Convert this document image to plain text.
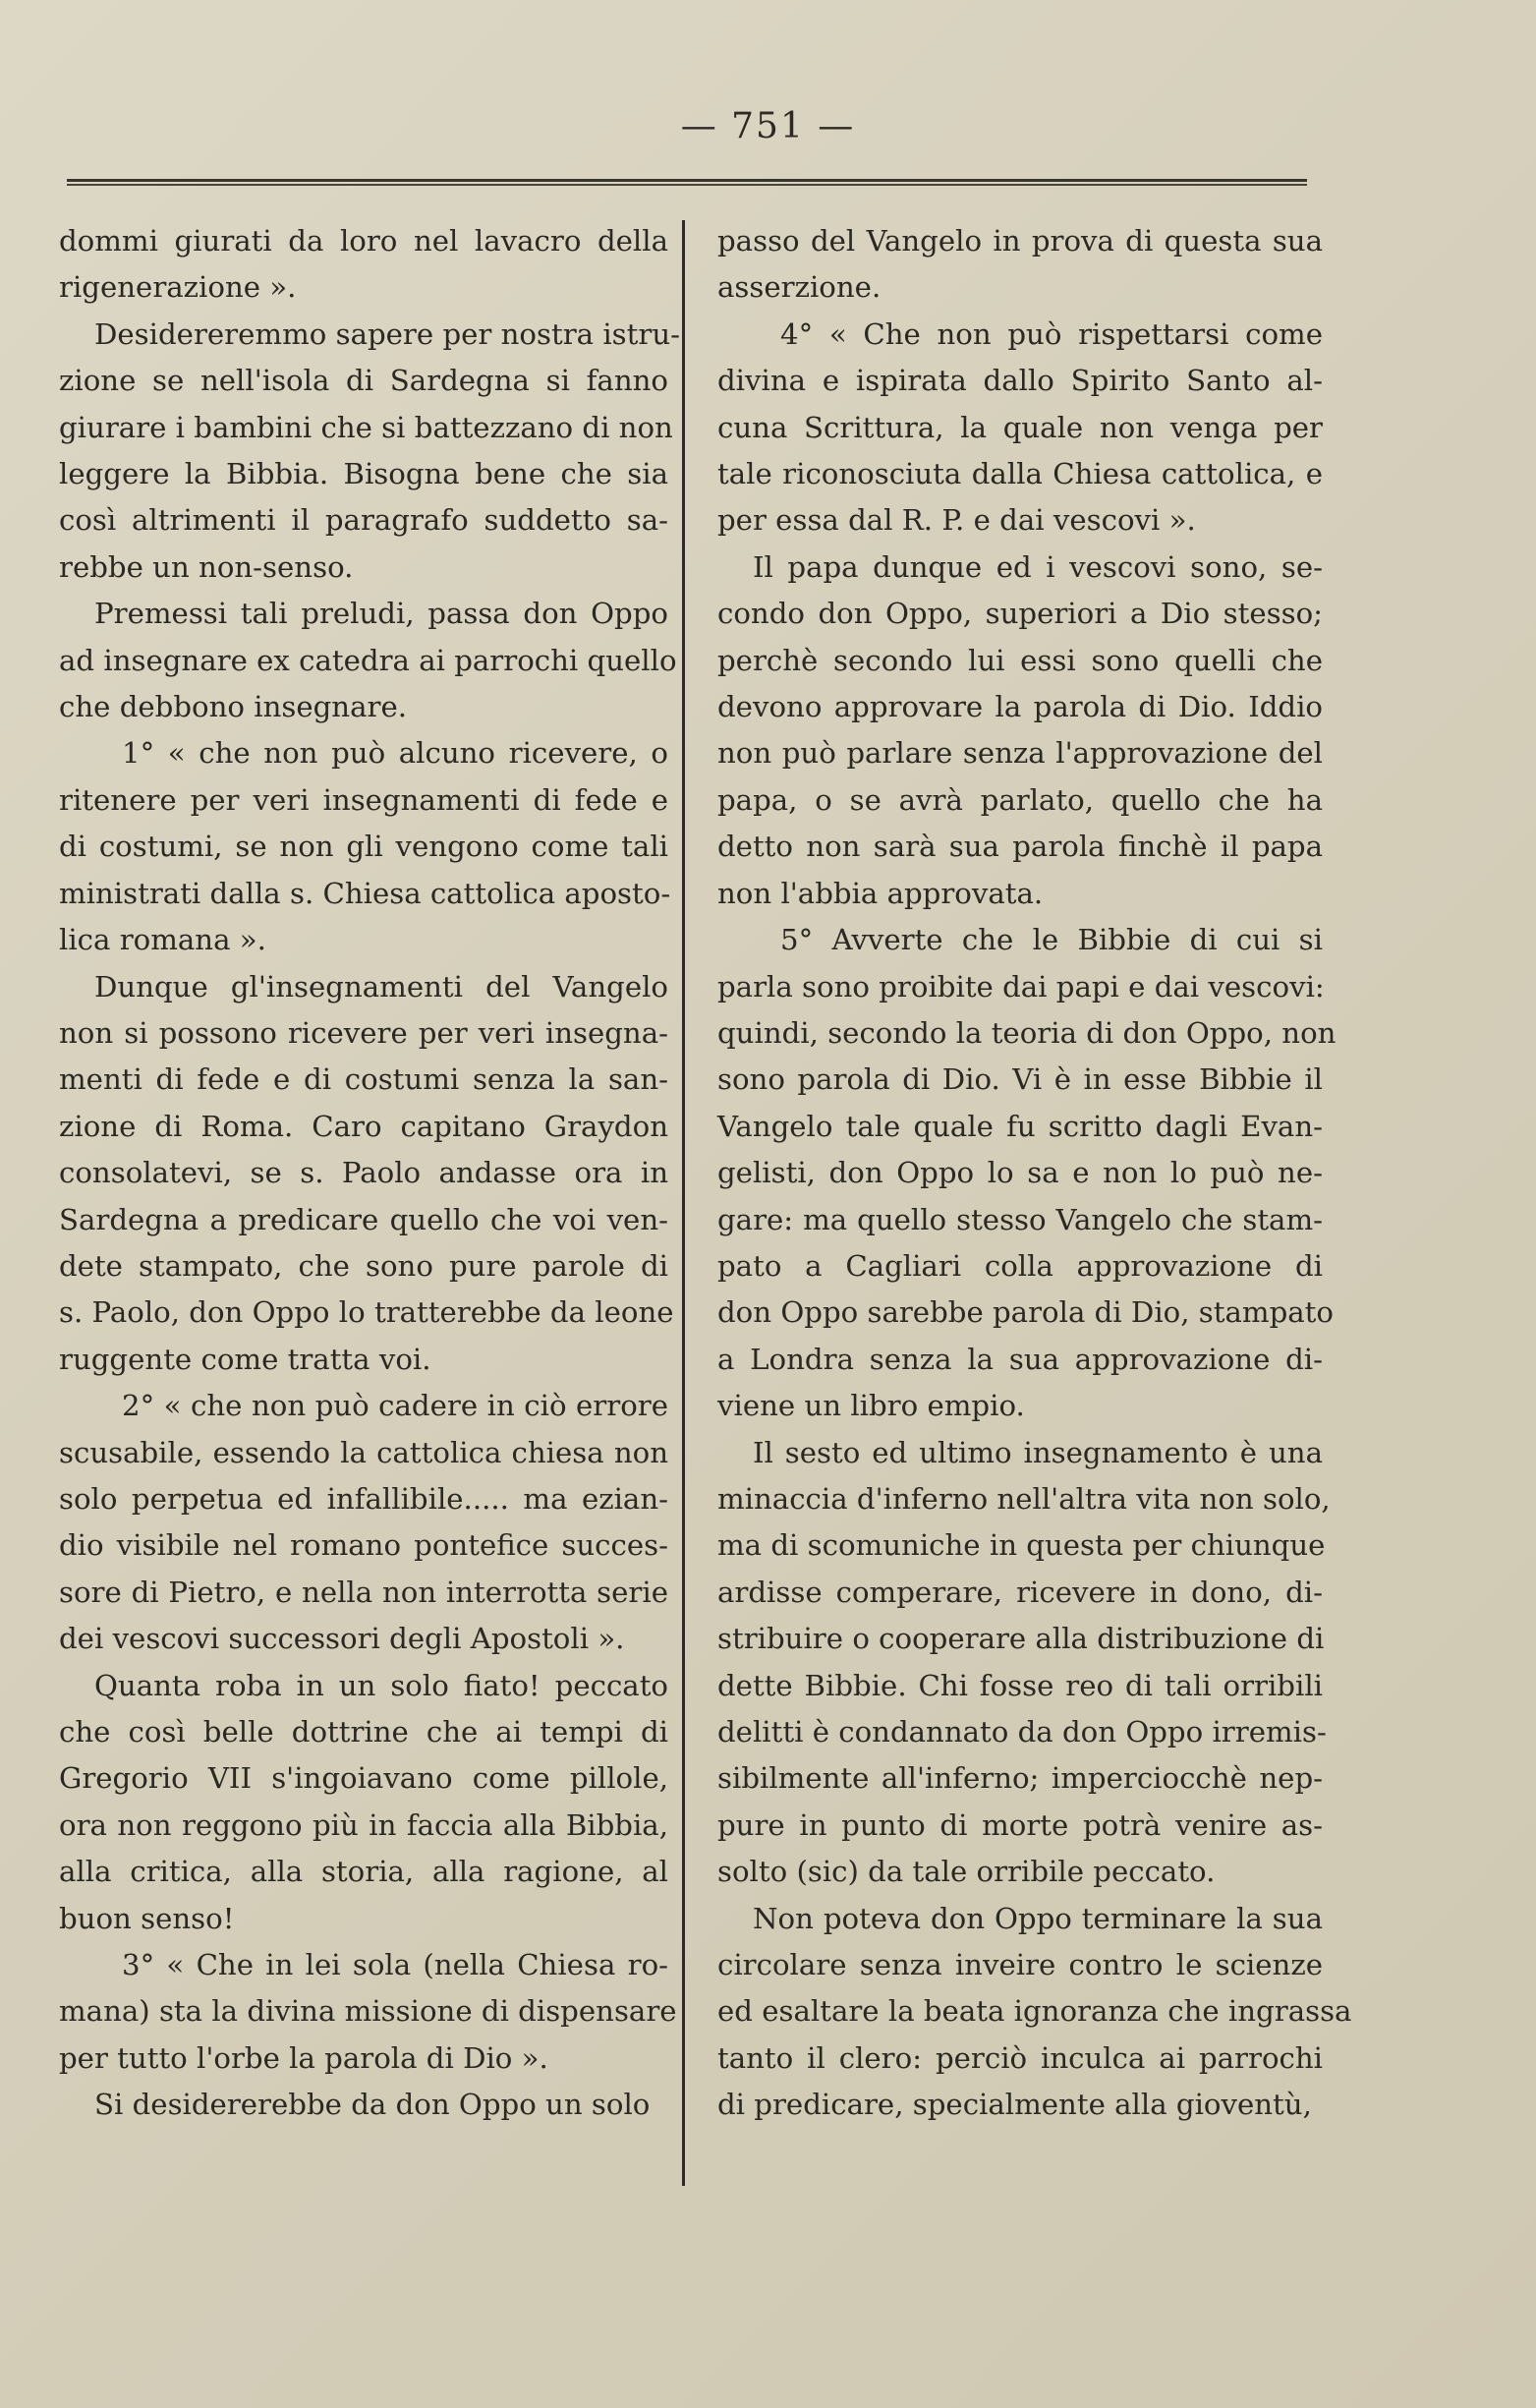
— 751 —

dommi giurati da loro nel lavacro della
rigenerazione ».

Desidereremmo sapere per nostra istru-
zione se nell'isola di Sardegna si fanno
giurare i bambini che si battezzano di non
leggere la Bibbia. Bisogna bene che sia
così altrimenti il paragrafo suddetto sa-
rebbe un non-senso.

Premessi tali preludi, passa don Oppo
ad insegnare ex catedra ai parrochi quello
che debbono insegnare.

1° « che non può alcuno ricevere, o
ritenere per veri insegnamenti di fede e
di costumi, se non gli vengono come tali
ministrati dalla s. Chiesa cattolica aposto-
lica romana ».

Dunque gl'insegnamenti del Vangelo
non si possono ricevere per veri insegna-
menti di fede e di costumi senza la san-
zione di Roma. Caro capitano Graydon
consolatevi, se s. Paolo andasse ora in
Sardegna a predicare quello che voi ven-
dete stampato, che sono pure parole di
s. Paolo, don Oppo lo tratterebbe da leone
ruggente come tratta voi.

2° « che non può cadere in ciò errore
scusabile, essendo la cattolica chiesa non
solo perpetua ed infallibile..... ma ezian-
dio visibile nel romano pontefice succes-
sore di Pietro, e nella non interrotta serie
dei vescovi successori degli Apostoli ».

Quanta roba in un solo fiato! peccato
che così belle dottrine che ai tempi di
Gregorio VII s'ingoiavano come pillole,
ora non reggono più in faccia alla Bibbia,
alla critica, alla storia, alla ragione, al
buon senso!

3° « Che in lei sola (nella Chiesa ro-
mana) sta la divina missione di dispensare
per tutto l'orbe la parola di Dio ».

Si desidererebbe da don Oppo un solo

passo del Vangelo in prova di questa sua
asserzione.

4° « Che non può rispettarsi come
divina e ispirata dallo Spirito Santo al-
cuna Scrittura, la quale non venga per
tale riconosciuta dalla Chiesa cattolica, e
per essa dal R. P. e dai vescovi ».

Il papa dunque ed i vescovi sono, se-
condo don Oppo, superiori a Dio stesso;
perchè secondo lui essi sono quelli che
devono approvare la parola di Dio. Iddio
non può parlare senza l'approvazione del
papa, o se avrà parlato, quello che ha
detto non sarà sua parola finchè il papa
non l'abbia approvata.

5° Avverte che le Bibbie di cui si
parla sono proibite dai papi e dai vescovi:
quindi, secondo la teoria di don Oppo, non
sono parola di Dio. Vi è in esse Bibbie il
Vangelo tale quale fu scritto dagli Evan-
gelisti, don Oppo lo sa e non lo può ne-
gare: ma quello stesso Vangelo che stam-
pato a Cagliari colla approvazione di
don Oppo sarebbe parola di Dio, stampato
a Londra senza la sua approvazione di-
viene un libro empio.

Il sesto ed ultimo insegnamento è una
minaccia d'inferno nell'altra vita non solo,
ma di scomuniche in questa per chiunque
ardisse comperare, ricevere in dono, di-
stribuire o cooperare alla distribuzione di
dette Bibbie. Chi fosse reo di tali orribili
delitti è condannato da don Oppo irremis-
sibilmente all'inferno; imperciocchè nep-
pure in punto di morte potrà venire as-
solto (sic) da tale orribile peccato.

Non poteva don Oppo terminare la sua
circolare senza inveire contro le scienze
ed esaltare la beata ignoranza che ingrassa
tanto il clero: perciò inculca ai parrochi
di predicare, specialmente alla gioventù,
